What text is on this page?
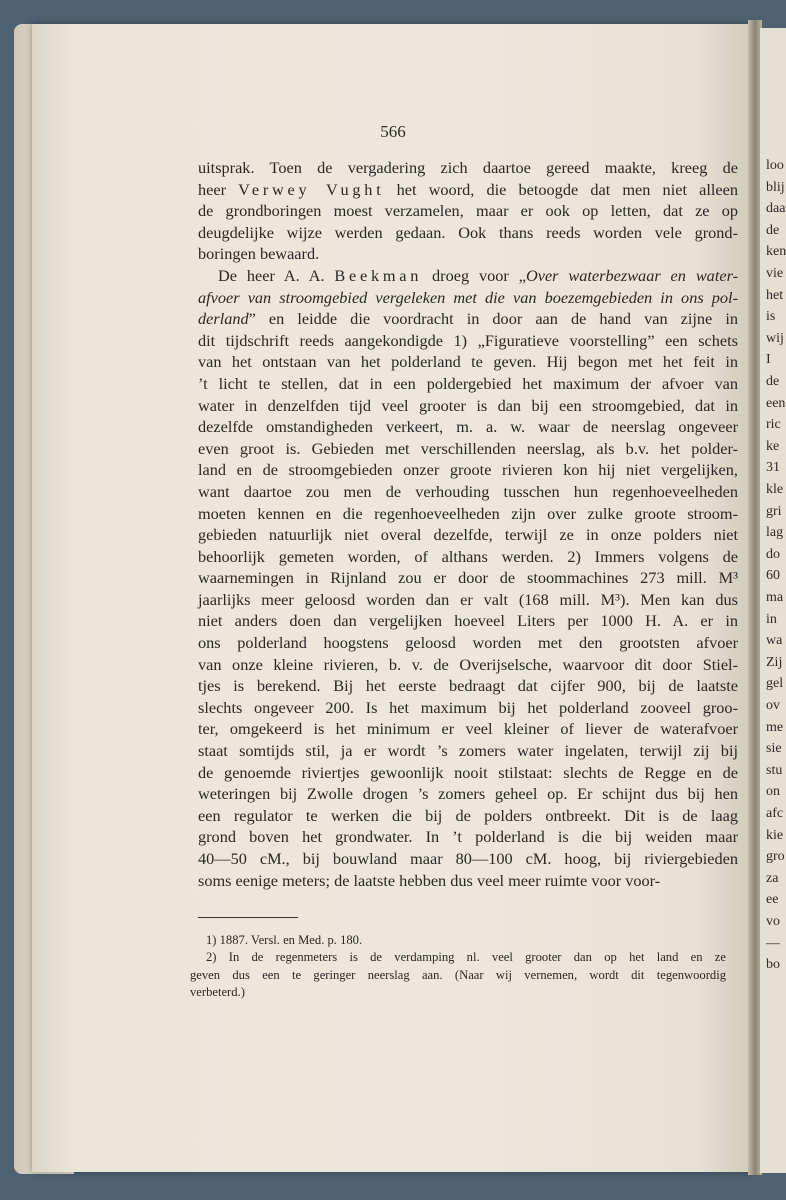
loo
blij
daa
de
ken
vie
het
is
wij
I
de
een
ric
ke
31
kle
gri
lag
do
60
ma
in
wa
Zij
gel
ov
me
sie
stu
on
afc
kie
gro
za
ee
vo
—
bo
566
uitsprak. Toen de vergadering zich daartoe gereed maakte, kreeg de
heer Verwey Vught het woord, die betoogde dat men niet alleen
de grondboringen moest verzamelen, maar er ook op letten, dat ze op
deugdelijke wijze werden gedaan. Ook thans reeds worden vele grond-
boringen bewaard.
De heer A. A. Beekman droeg voor „Over waterbezwaar en water-
afvoer van stroomgebied vergeleken met die van boezemgebieden in ons pol-
derland” en leidde die voordracht in door aan de hand van zijne in
dit tijdschrift reeds aangekondigde 1) „Figuratieve voorstelling” een schets
van het ontstaan van het polderland te geven. Hij begon met het feit in
’t licht te stellen, dat in een poldergebied het maximum der afvoer van
water in denzelfden tijd veel grooter is dan bij een stroomgebied, dat in
dezelfde omstandigheden verkeert, m. a. w. waar de neerslag ongeveer
even groot is. Gebieden met verschillenden neerslag, als b.v. het polder-
land en de stroomgebieden onzer groote rivieren kon hij niet vergelijken,
want daartoe zou men de verhouding tusschen hun regenhoeveelheden
moeten kennen en die regenhoeveelheden zijn over zulke groote stroom-
gebieden natuurlijk niet overal dezelfde, terwijl ze in onze polders niet
behoorlijk gemeten worden, of althans werden. 2) Immers volgens de
waarnemingen in Rijnland zou er door de stoommachines 273 mill. M³
jaarlijks meer geloosd worden dan er valt (168 mill. M³). Men kan dus
niet anders doen dan vergelijken hoeveel Liters per 1000 H. A. er in
ons polderland hoogstens geloosd worden met den grootsten afvoer
van onze kleine rivieren, b. v. de Overijselsche, waarvoor dit door Stiel-
tjes is berekend. Bij het eerste bedraagt dat cijfer 900, bij de laatste
slechts ongeveer 200. Is het maximum bij het polderland zooveel groo-
ter, omgekeerd is het minimum er veel kleiner of liever de waterafvoer
staat somtijds stil, ja er wordt ’s zomers water ingelaten, terwijl zij bij
de genoemde riviertjes gewoonlijk nooit stilstaat: slechts de Regge en de
weteringen bij Zwolle drogen ’s zomers geheel op. Er schijnt dus bij hen
een regulator te werken die bij de polders ontbreekt. Dit is de laag
grond boven het grondwater. In ’t polderland is die bij weiden maar
40—50 cM., bij bouwland maar 80—100 cM. hoog, bij riviergebieden
soms eenige meters; de laatste hebben dus veel meer ruimte voor voor-
1) 1887. Versl. en Med. p. 180.
2) In de regenmeters is de verdamping nl. veel grooter dan op het land en ze
geven dus een te geringer neerslag aan. (Naar wij vernemen, wordt dit tegenwoordig
verbeterd.)
